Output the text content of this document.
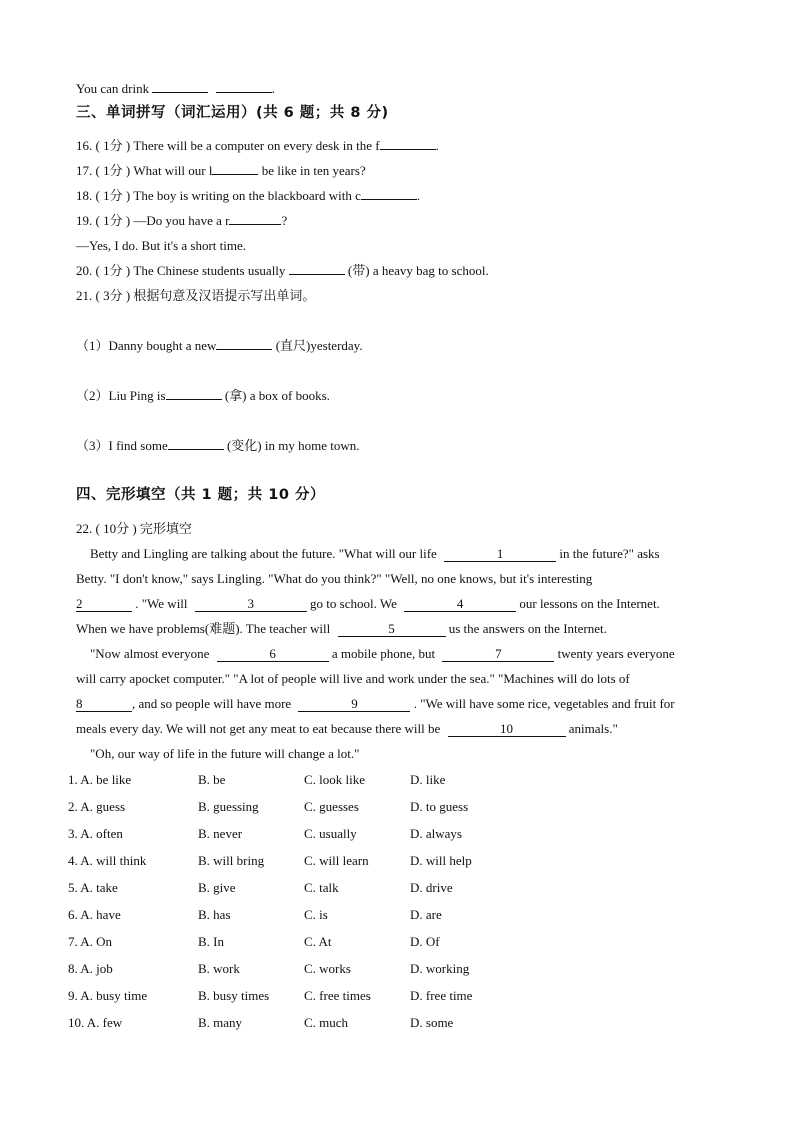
You can drink	.
三、单词拼写（词汇运用）(共 6 题；共 8 分)
16. ( 1分 ) There will be a computer on every desk in the f	.
17. ( 1分 ) What will our l	be like in ten years?
18. ( 1分 ) The boy is writing on the blackboard with c	.
19. ( 1分 ) —Do you have a r	?
—Yes, I do. But it's a short time.
20. ( 1分 ) The Chinese students usually	(带) a heavy bag to school.
21. ( 3分 ) 根据句意及汉语提示写出单词。
（1）Danny bought a new	(直尺)yesterday.
（2）Liu Ping is	(拿) a box of books.
（3）I find some	(变化) in my home town.
四、完形填空（共 1 题；共 10 分）
22. ( 10分 ) 完形填空
Betty and Lingling are talking about the future. "What will our life	1	in the future?" asks
Betty. "I don't know," says Lingling. "What do you think?" "Well, no one knows, but it's interesting
2	. "We will	3	go to school. We	4	our lessons on the Internet.
When we have problems(难题). The teacher will	5	us the answers on the Internet.
"Now almost everyone	6	a mobile phone, but	7	twenty years everyone
will carry apocket computer." "A lot of people will live and work under the sea." "Machines will do lots of
8	, and so people will have more	9	. "We will have some rice, vegetables and fruit for
meals every day. We will not get any meat to eat because there will be	10	animals."
"Oh, our way of life in the future will change a lot."
1. A. be like	B. be	C. look like	D. like
2. A. guess	B. guessing	C. guesses	D. to guess
3. A. often	B. never	C. usually	D. always
4. A. will think	B. will bring	C. will learn	D. will help
5. A. take	B. give	C. talk	D. drive
6. A. have	B. has	C. is	D. are
7. A. On	B. In	C. At	D. Of
8. A. job	B. work	C. works	D. working
9. A. busy time	B. busy times	C. free times	D. free time
10. A. few	B. many	C. much	D. some
